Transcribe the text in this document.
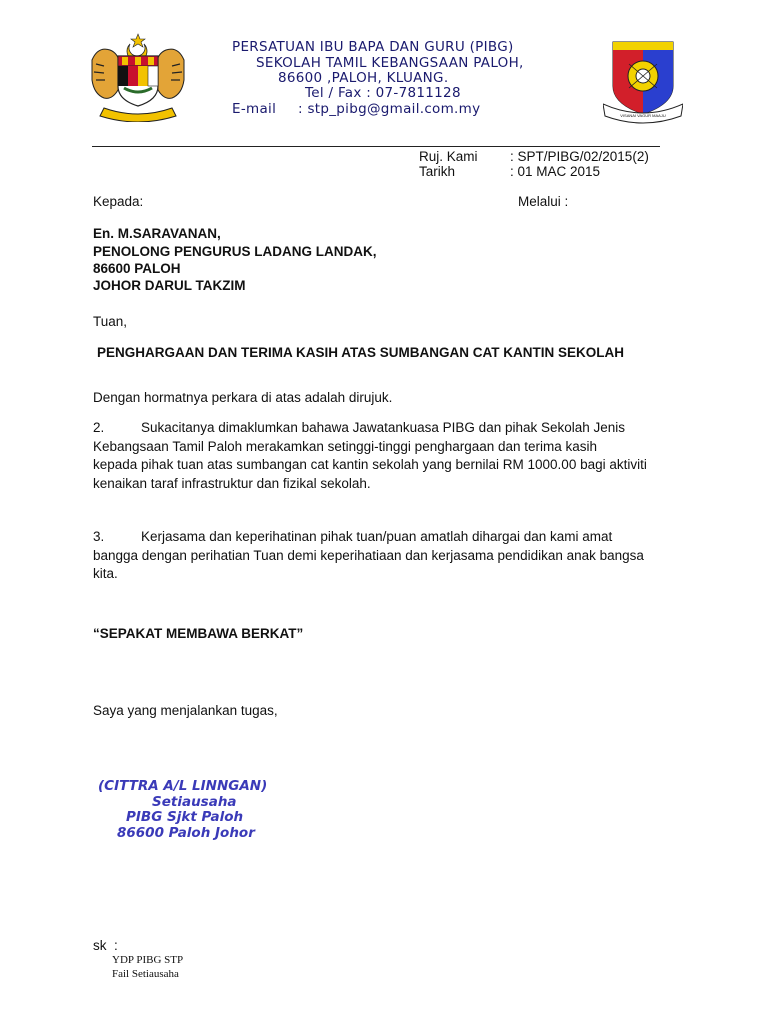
PERSATUAN IBU BAPA DAN GURU (PIBG)
SEKOLAH TAMIL KEBANGSAAN PALOH,
86600 ,PALOH, KLUANG.
Tel / Fax : 07-7811128
E-mail : stp_pibg@gmail.com.my	VISANAI VAGUR MAAJU
Ruj. Kami : SPT/PIBG/02/2015(2)
Tarikh	: 01 MAC 2015
Kepada:	Melalui :
En. M.SARAVANAN,
PENOLONG PENGURUS LADANG LANDAK,
86600 PALOH
JOHOR DARUL TAKZIM
Tuan,
PENGHARGAAN DAN TERIMA KASIH ATAS SUMBANGAN CAT KANTIN SEKOLAH
Dengan hormatnya perkara di atas adalah dirujuk.
2.	Sukacitanya dimaklumkan bahawa Jawatankuasa PIBG dan pihak Sekolah Jenis
Kebangsaan Tamil Paloh merakamkan setinggi-tinggi penghargaan dan terima kasih
kepada pihak tuan atas sumbangan cat kantin sekolah yang bernilai RM 1000.00 bagi aktiviti
kenaikan taraf infrastruktur dan fizikal sekolah.
3.	Kerjasama dan keperihatinan pihak tuan/puan amatlah dihargai dan kami amat
bangga dengan perihatian Tuan demi keperihatiaan dan kerjasama pendidikan anak bangsa
kita.
“SEPAKAT MEMBAWA BERKAT”
Saya yang menjalankan tugas,
(CITTRA A/L LINNGAN)
Setiausaha
PIBG Sjkt Paloh
86600 Paloh Johor
sk :
YDP PIBG STP
Fail Setiausaha
